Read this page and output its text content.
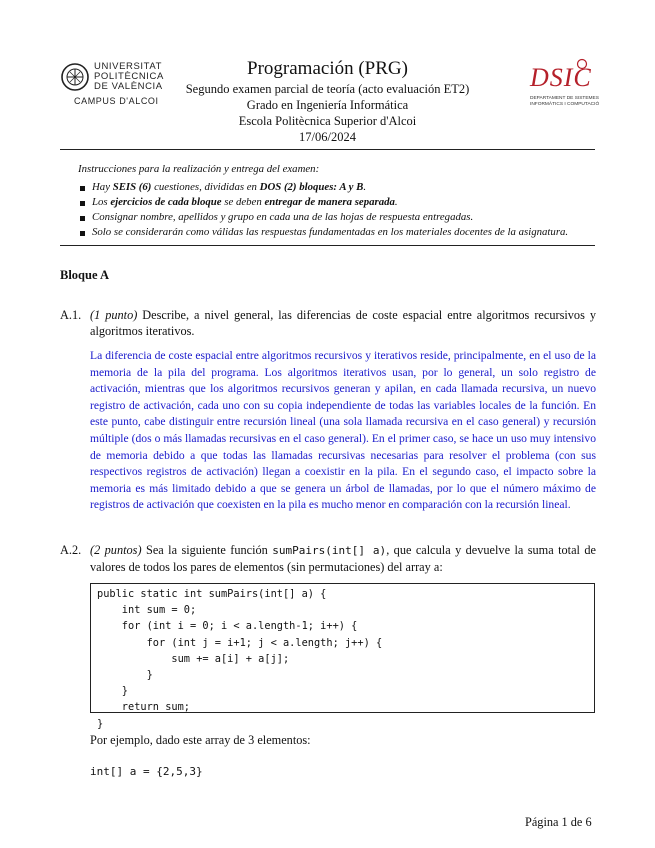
UNIVERSITAT
POLITÈCNICA
DE VALÈNCIA
CAMPUS D'ALCOI
Programación (PRG)
Segundo examen parcial de teoría (acto evaluación ET2)
Grado en Ingeniería Informática
Escola Politècnica Superior d'Alcoi
17/06/2024
DSIC
DEPARTAMENT DE SISTEMES
INFORMÀTICS I COMPUTACIÓ
Instrucciones para la realización y entrega del examen:
Hay SEIS (6) cuestiones, divididas en DOS (2) bloques: A y B.
Los ejercicios de cada bloque se deben entregar de manera separada.
Consignar nombre, apellidos y grupo en cada una de las hojas de respuesta entregadas.
Solo se considerarán como válidas las respuestas fundamentadas en los materiales docentes de la asignatura.
Bloque A
A.1. (1 punto) Describe, a nivel general, las diferencias de coste espacial entre algoritmos recursivos y algoritmos iterativos.
La diferencia de coste espacial entre algoritmos recursivos y iterativos reside, principalmente, en el uso de la memoria de la pila del programa. Los algoritmos iterativos usan, por lo general, un solo registro de activación, mientras que los algoritmos recursivos generan y apilan, en cada llamada recursiva, un nuevo registro de activación, cada uno con su copia independiente de todas las variables locales de la función. En este punto, cabe distinguir entre recursión lineal (una sola llamada recursiva en el caso general) y recursión múltiple (dos o más llamadas recursivas en el caso general). En el primer caso, se hace un uso muy intensivo de memoria debido a que todas las llamadas recursivas necesarias para resolver el problema (con sus respectivos registros de activación) llegan a coexistir en la pila. En el segundo caso, el impacto sobre la memoria es más limitado debido a que se genera un árbol de llamadas, por lo que el número máximo de registros de activación que coexisten en la pila es mucho menor en comparación con la recursión lineal.
A.2. (2 puntos) Sea la siguiente función sumPairs(int[] a), que calcula y devuelve la suma total de valores de todos los pares de elementos (sin permutaciones) del array a:
public static int sumPairs(int[] a) {
int sum = 0;
for (int i = 0; i < a.length-1; i++) {
for (int j = i+1; j < a.length; j++) {
sum += a[i] + a[j];
}
}
return sum;
}
Por ejemplo, dado este array de 3 elementos:
int[] a = {2,5,3}
Página 1 de 6
